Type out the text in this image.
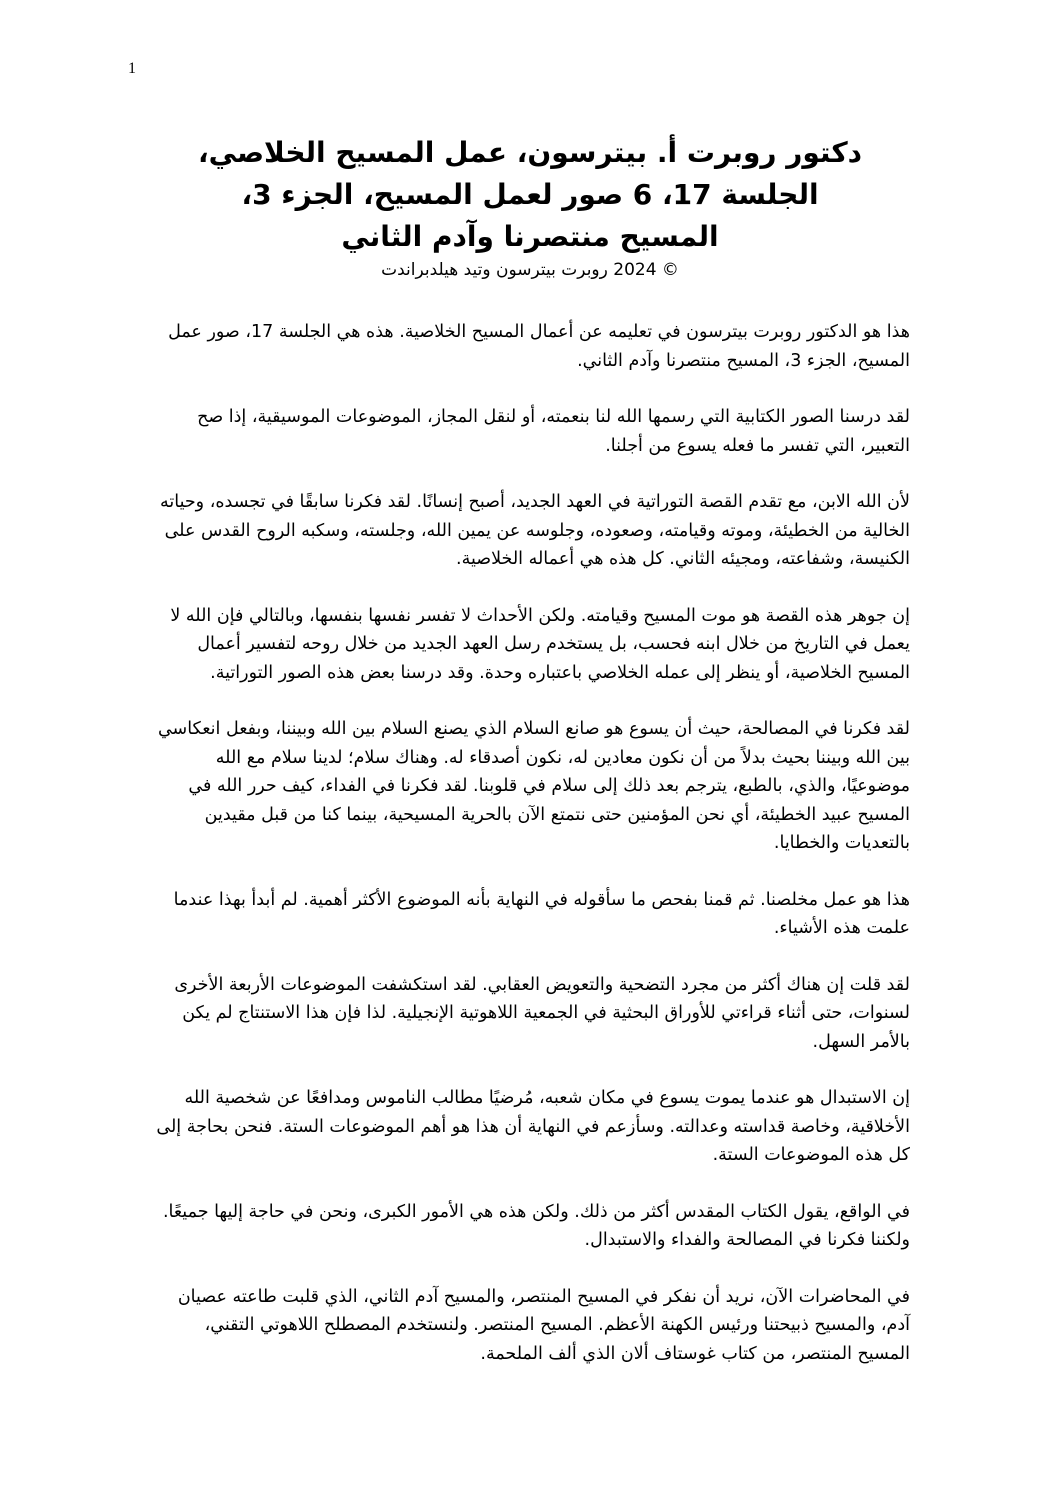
1
دكتور روبرت أ. بيترسون، عمل المسيح الخلاصي،
الجلسة 17، 6 صور لعمل المسيح، الجزء 3،
المسيح منتصرنا وآدم الثاني
© 2024 روبرت بيترسون وتيد هيلدبراندت

هذا هو الدكتور روبرت بيترسون في تعليمه عن أعمال المسيح الخلاصية. هذه هي الجلسة 17، صور عمل المسيح، الجزء 3، المسيح منتصرنا وآدم الثاني.

لقد درسنا الصور الكتابية التي رسمها الله لنا بنعمته، أو لنقل المجاز، الموضوعات الموسيقية، إذا صح التعبير، التي تفسر ما فعله يسوع من أجلنا.

لأن الله الابن، مع تقدم القصة التوراتية في العهد الجديد، أصبح إنسانًا. لقد فكرنا سابقًا في تجسده، وحياته الخالية من الخطيئة، وموته وقيامته، وصعوده، وجلوسه عن يمين الله، وجلسته، وسكبه الروح القدس على الكنيسة، وشفاعته، ومجيئه الثاني. كل هذه هي أعماله الخلاصية.

إن جوهر هذه القصة هو موت المسيح وقيامته. ولكن الأحداث لا تفسر نفسها بنفسها، وبالتالي فإن الله لا يعمل في التاريخ من خلال ابنه فحسب، بل يستخدم رسل العهد الجديد من خلال روحه لتفسير أعمال المسيح الخلاصية، أو ينظر إلى عمله الخلاصي باعتباره وحدة. وقد درسنا بعض هذه الصور التوراتية.

لقد فكرنا في المصالحة، حيث أن يسوع هو صانع السلام الذي يصنع السلام بين الله وبيننا، وبفعل انعكاسي بين الله وبيننا بحيث بدلاً من أن نكون معادين له، نكون أصدقاء له. وهناك سلام؛ لدينا سلام مع الله موضوعيًا، والذي، بالطبع، يترجم بعد ذلك إلى سلام في قلوبنا. لقد فكرنا في الفداء، كيف حرر الله في المسيح عبيد الخطيئة، أي نحن المؤمنين حتى نتمتع الآن بالحرية المسيحية، بينما كنا من قبل مقيدين بالتعديات والخطايا.

هذا هو عمل مخلصنا. ثم قمنا بفحص ما سأقوله في النهاية بأنه الموضوع الأكثر أهمية. لم أبدأ بهذا عندما علمت هذه الأشياء.

لقد قلت إن هناك أكثر من مجرد التضحية والتعويض العقابي. لقد استكشفت الموضوعات الأربعة الأخرى لسنوات، حتى أثناء قراءتي للأوراق البحثية في الجمعية اللاهوتية الإنجيلية. لذا فإن هذا الاستنتاج لم يكن بالأمر السهل.

إن الاستبدال هو عندما يموت يسوع في مكان شعبه، مُرضيًا مطالب الناموس ومدافعًا عن شخصية الله الأخلاقية، وخاصة قداسته وعدالته. وسأزعم في النهاية أن هذا هو أهم الموضوعات الستة. فنحن بحاجة إلى كل هذه الموضوعات الستة.

في الواقع، يقول الكتاب المقدس أكثر من ذلك. ولكن هذه هي الأمور الكبرى، ونحن في حاجة إليها جميعًا. ولكننا فكرنا في المصالحة والفداء والاستبدال.

في المحاضرات الآن، نريد أن نفكر في المسيح المنتصر، والمسيح آدم الثاني، الذي قلبت طاعته عصيان آدم، والمسيح ذبيحتنا ورئيس الكهنة الأعظم. المسيح المنتصر. ولنستخدم المصطلح اللاهوتي التقني، المسيح المنتصر، من كتاب غوستاف ألان الذي ألف الملحمة.
